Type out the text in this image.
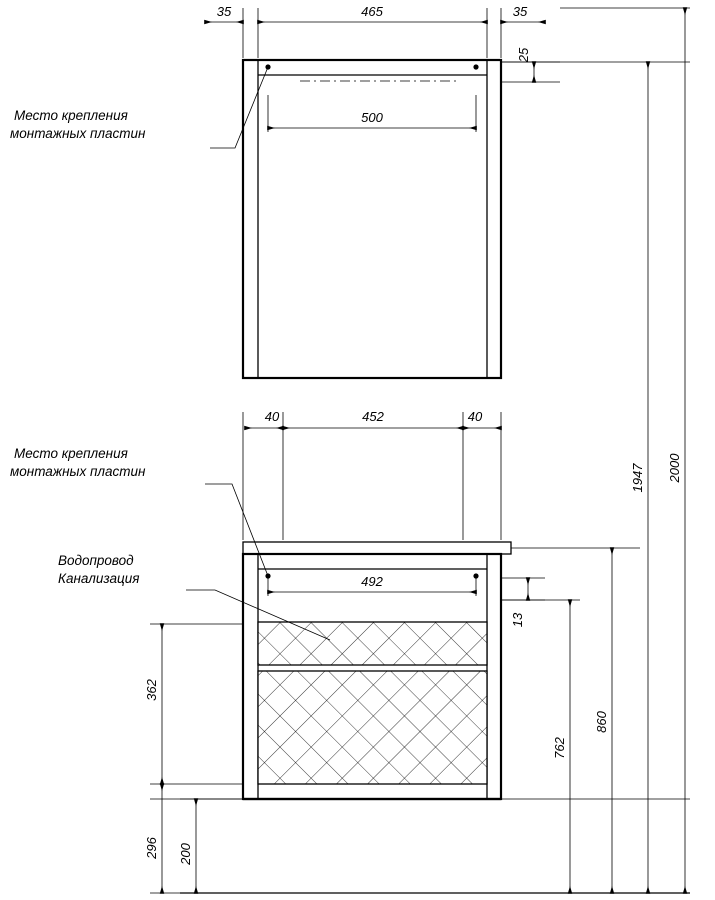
35	465	35
500
25
Место крепления
монтажных пластин
40	452	40
492
13
Место крепления
монтажных пластин
Водопровод
Канализация
1947 2000
860
762
362
296 200
